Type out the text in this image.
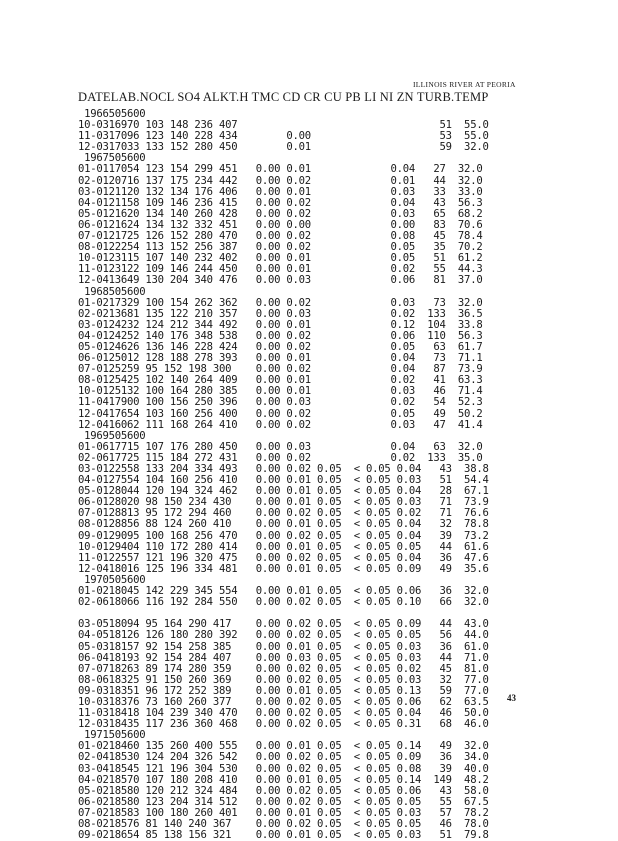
ILLINOIS RIVER AT PEORIA
DATELAB.NOCL SO4 ALKT.H TMC CD CR CU PB LI NI ZN TURB.TEMP
1966505600
10-0316970 103 148 236 407                                 51  55.0
11-0317096 123 140 228 434        0.00                     53  55.0
12-0317033 133 152 280 450        0.01                     59  32.0
1967505600
01-0117054 123 154 299 451   0.00 0.01             0.04   27  32.0
02-0120716 137 175 234 442   0.00 0.02             0.01   44  32.0
03-0121120 132 134 176 406   0.00 0.01             0.03   33  33.0
04-0121158 109 146 236 415   0.00 0.02             0.04   43  56.3
05-0121620 134 140 260 428   0.00 0.02             0.03   65  68.2
06-0121624 134 132 332 451   0.00 0.00             0.00   83  70.6
07-0121725 126 152 280 470   0.00 0.02             0.08   45  78.4
08-0122254 113 152 256 387   0.00 0.02             0.05   35  70.2
10-0123115 107 140 232 402   0.00 0.01             0.05   51  61.2
11-0123122 109 146 244 450   0.00 0.01             0.02   55  44.3
12-0413649 130 204 340 476   0.00 0.03             0.06   81  37.0
1968505600
01-0217329 100 154 262 362   0.00 0.02             0.03   73  32.0
02-0213681 135 122 210 357   0.00 0.03             0.02  133  36.5
03-0124232 124 212 344 492   0.00 0.01             0.12  104  33.8
04-0124252 140 176 348 538   0.00 0.02             0.06  110  56.3
05-0124626 136 146 228 424   0.00 0.02             0.05   63  61.7
06-0125012 128 188 278 393   0.00 0.01             0.04   73  71.1
07-0125259 95 152 198 300    0.00 0.02             0.04   87  73.9
08-0125425 102 140 264 409   0.00 0.01             0.02   41  63.3
10-0125132 100 164 280 385   0.00 0.01             0.03   46  71.4
11-0417900 100 156 250 396   0.00 0.03             0.02   54  52.3
12-0417654 103 160 256 400   0.00 0.02             0.05   49  50.2
12-0416062 111 168 264 410   0.00 0.02             0.03   47  41.4
1969505600
01-0617715 107 176 280 450   0.00 0.03             0.04   63  32.0
02-0617725 115 184 272 431   0.00 0.02             0.02  133  35.0
03-0122558 133 204 334 493   0.00 0.02 0.05  < 0.05 0.04   43  38.8
04-0127554 104 160 256 410   0.00 0.01 0.05  < 0.05 0.03   51  54.4
05-0128044 120 194 324 462   0.00 0.01 0.05  < 0.05 0.04   28  67.1
06-0128020 98 150 234 430    0.00 0.01 0.05  < 0.05 0.03   71  73.9
07-0128813 95 172 294 460    0.00 0.02 0.05  < 0.05 0.02   71  76.6
08-0128856 88 124 260 410    0.00 0.01 0.05  < 0.05 0.04   32  78.8
09-0129095 100 168 256 470   0.00 0.02 0.05  < 0.05 0.04   39  73.2
10-0129404 110 172 280 414   0.00 0.01 0.05  < 0.05 0.05   44  61.6
11-0122557 121 196 320 475   0.00 0.02 0.05  < 0.05 0.04   36  47.6
12-0418016 125 196 334 481   0.00 0.01 0.05  < 0.05 0.09   49  35.6
1970505600
01-0218045 142 229 345 554   0.00 0.01 0.05  < 0.05 0.06   36  32.0
02-0618066 116 192 284 550   0.00 0.02 0.05  < 0.05 0.10   66  32.0
03-0518094 95 164 290 417    0.00 0.02 0.05  < 0.05 0.09   44  43.0
04-0518126 126 180 280 392   0.00 0.02 0.05  < 0.05 0.05   56  44.0
05-0318157 92 154 258 385    0.00 0.01 0.05  < 0.05 0.03   36  61.0
06-0418193 92 154 284 407    0.00 0.03 0.05  < 0.05 0.03   44  71.0
07-0718263 89 174 280 359    0.00 0.02 0.05  < 0.05 0.02   45  81.0
08-0618325 91 150 260 369    0.00 0.02 0.05  < 0.05 0.03   32  77.0
09-0318351 96 172 252 389    0.00 0.01 0.05  < 0.05 0.13   59  77.0
10-0318376 73 160 260 377    0.00 0.02 0.05  < 0.05 0.06   62  63.5
11-0318418 104 239 340 470   0.00 0.02 0.05  < 0.05 0.04   46  50.0
12-0318435 117 236 360 468   0.00 0.02 0.05  < 0.05 0.31   68  46.0
1971505600
01-0218460 135 260 400 555   0.00 0.01 0.05  < 0.05 0.14   49  32.0
02-0418530 124 204 326 542   0.00 0.02 0.05  < 0.05 0.09   36  34.0
03-0418545 121 196 304 530   0.00 0.02 0.05  < 0.05 0.08   39  40.0
04-0218570 107 180 208 410   0.00 0.01 0.05  < 0.05 0.14  149  48.2
05-0218580 120 212 324 484   0.00 0.02 0.05  < 0.05 0.06   43  58.0
06-0218580 123 204 314 512   0.00 0.02 0.05  < 0.05 0.05   55  67.5
07-0218583 100 180 260 401   0.00 0.01 0.05  < 0.05 0.03   57  78.2
08-0218576 81 140 240 367    0.00 0.02 0.05  < 0.05 0.05   46  78.0
09-0218654 85 138 156 321    0.00 0.01 0.05  < 0.05 0.03   51  79.8
43
